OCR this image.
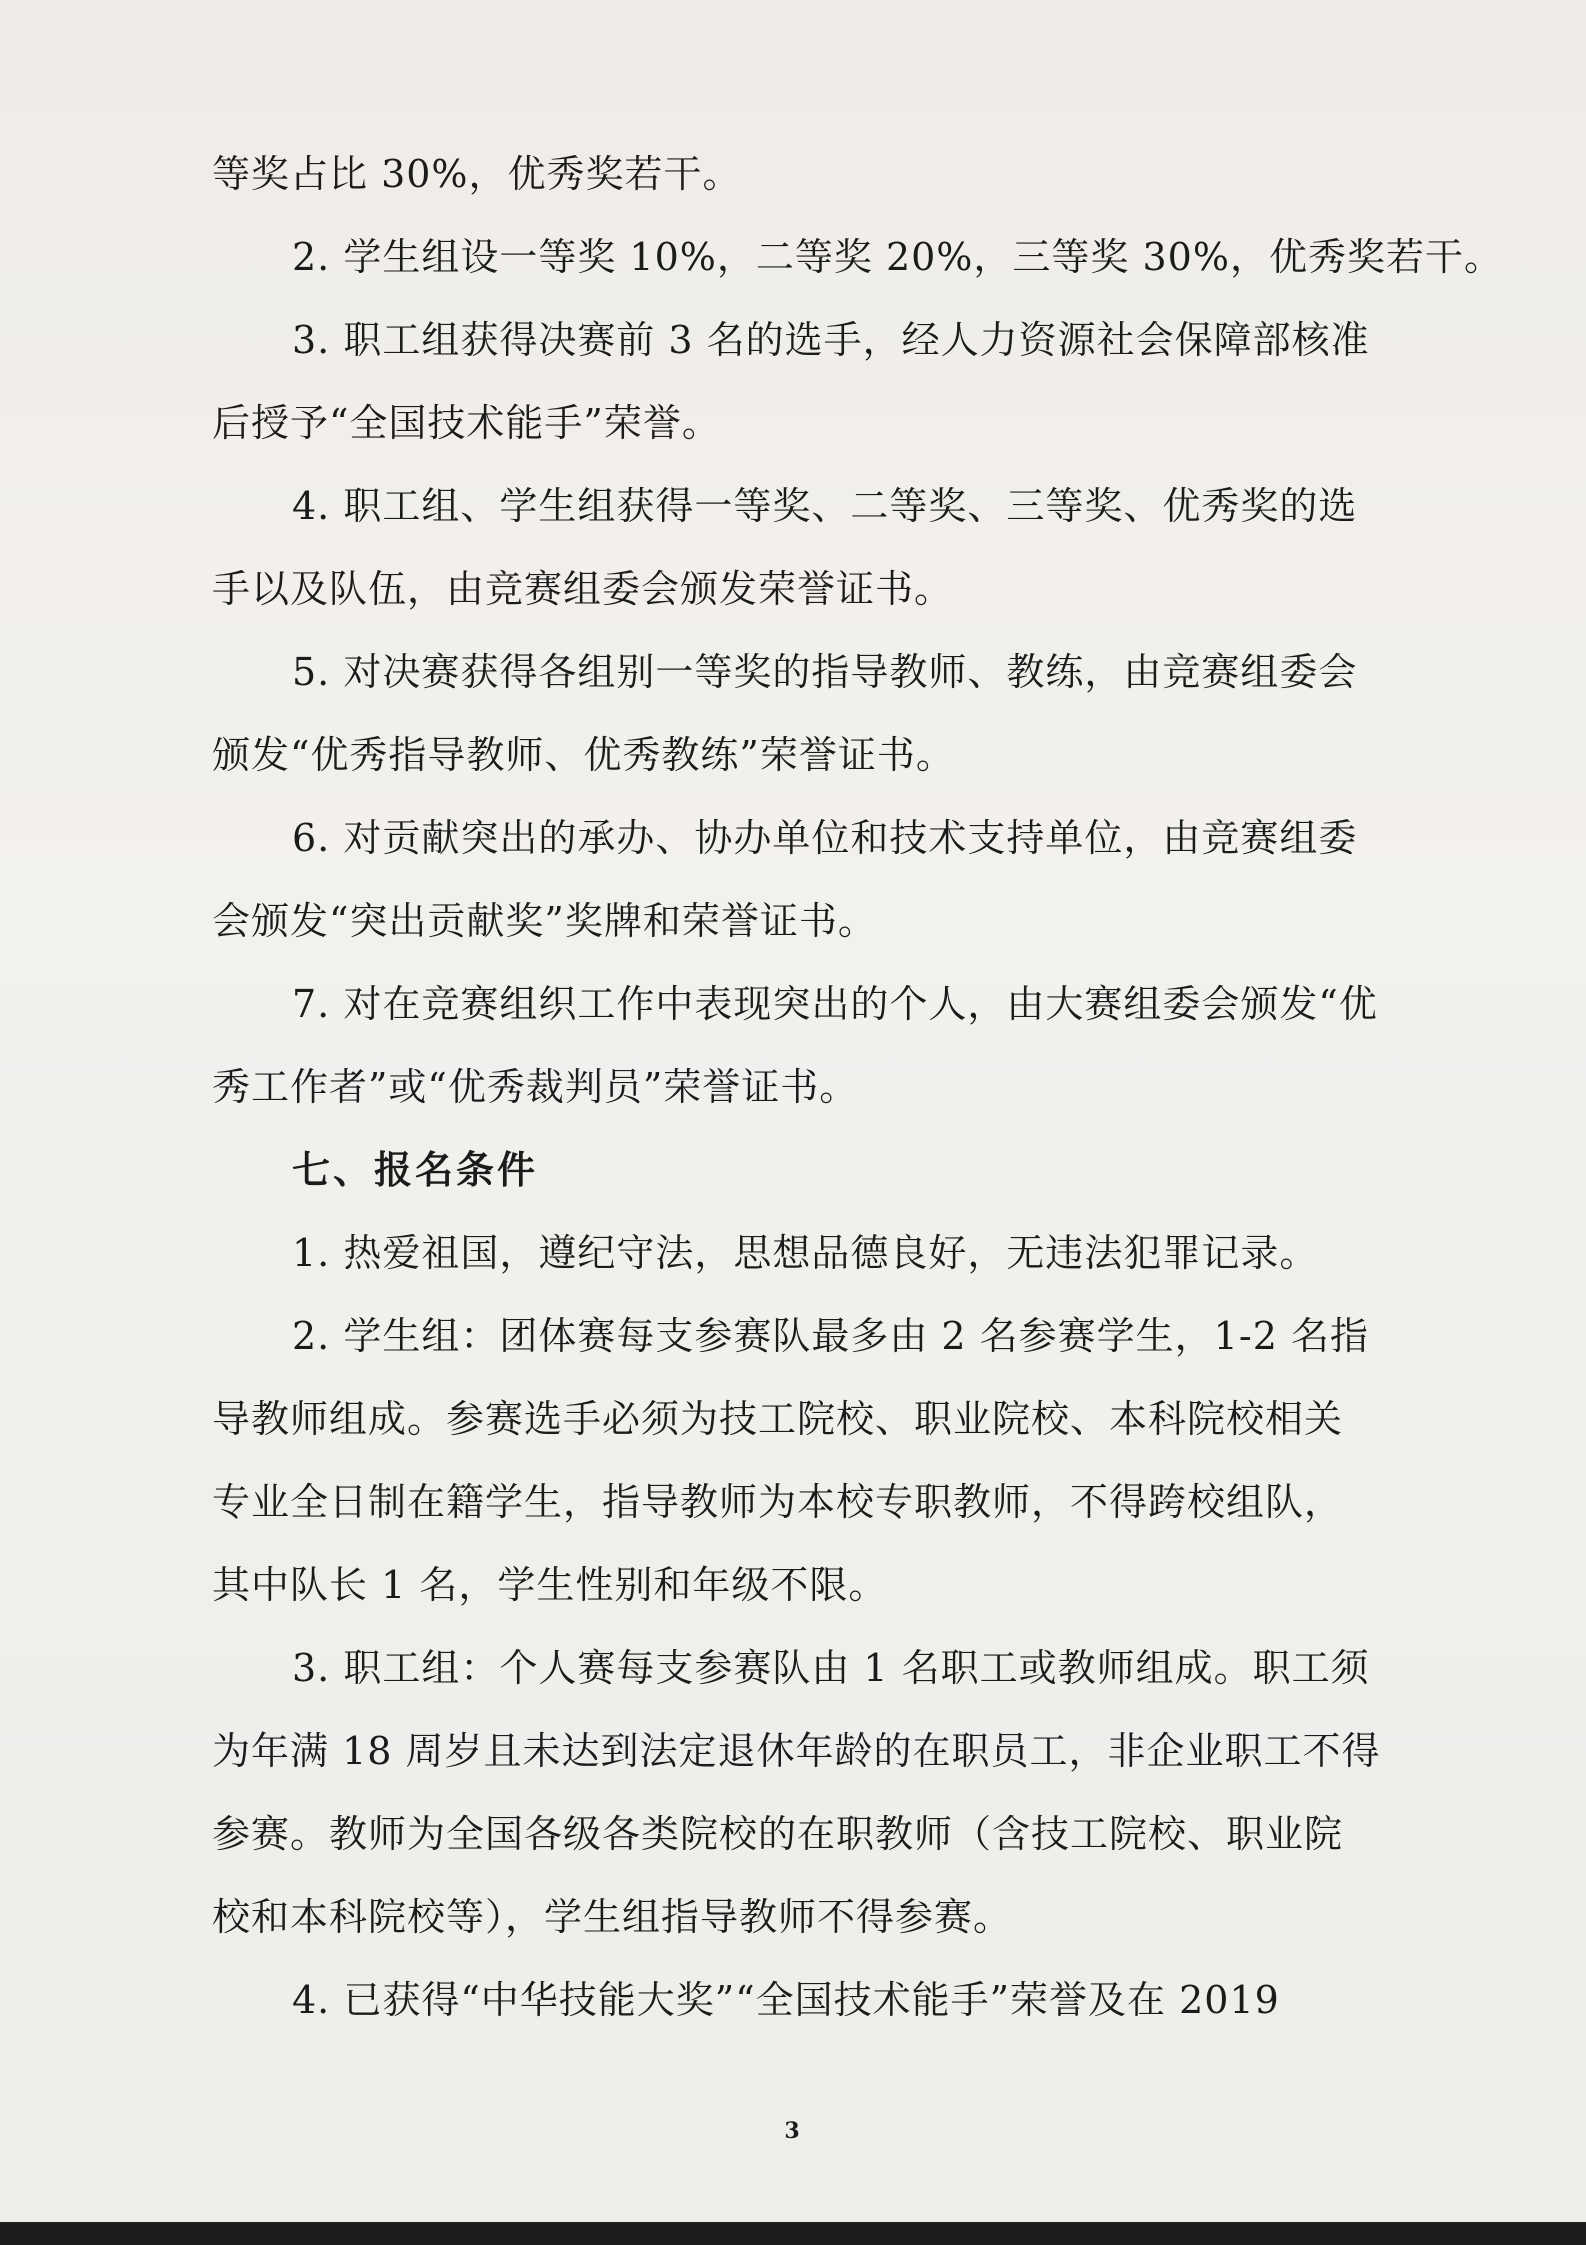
等奖占比 30%，优秀奖若干。
2. 学生组设一等奖 10%，二等奖 20%，三等奖 30%，优秀奖若干。
3. 职工组获得决赛前 3 名的选手，经人力资源社会保障部核准
后授予“全国技术能手”荣誉。
4. 职工组、学生组获得一等奖、二等奖、三等奖、优秀奖的选
手以及队伍，由竞赛组委会颁发荣誉证书。
5. 对决赛获得各组别一等奖的指导教师、教练，由竞赛组委会
颁发“优秀指导教师、优秀教练”荣誉证书。
6. 对贡献突出的承办、协办单位和技术支持单位，由竞赛组委
会颁发“突出贡献奖”奖牌和荣誉证书。
7. 对在竞赛组织工作中表现突出的个人，由大赛组委会颁发“优
秀工作者”或“优秀裁判员”荣誉证书。
七、报名条件
1. 热爱祖国，遵纪守法，思想品德良好，无违法犯罪记录。
2. 学生组：团体赛每支参赛队最多由 2 名参赛学生，1-2 名指
导教师组成。参赛选手必须为技工院校、职业院校、本科院校相关
专业全日制在籍学生，指导教师为本校专职教师，不得跨校组队，
其中队长 1 名，学生性别和年级不限。
3. 职工组：个人赛每支参赛队由 1 名职工或教师组成。职工须
为年满 18 周岁且未达到法定退休年龄的在职员工，非企业职工不得
参赛。教师为全国各级各类院校的在职教师（含技工院校、职业院
校和本科院校等），学生组指导教师不得参赛。
4. 已获得“中华技能大奖”“全国技术能手”荣誉及在 2019
3
